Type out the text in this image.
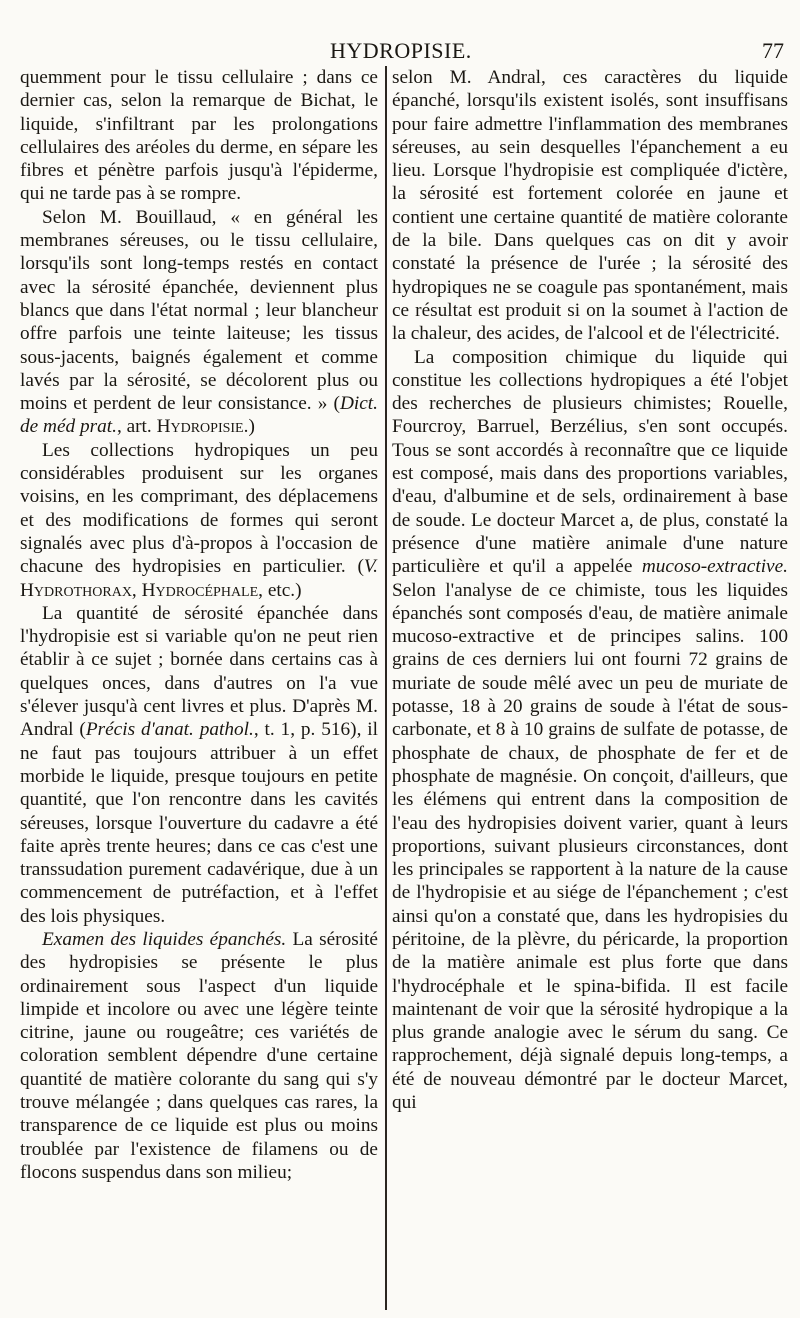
HYDROPISIE.	77

quemment pour le tissu cellulaire ; dans ce dernier cas, selon la remarque de Bichat, le liquide, s'infiltrant par les prolongations cellulaires des aréoles du derme, en sépare les fibres et pénètre parfois jusqu'à l'épiderme, qui ne tarde pas à se rompre.

Selon M. Bouillaud, « en général les membranes séreuses, ou le tissu cellulaire, lorsqu'ils sont long-temps restés en contact avec la sérosité épanchée, deviennent plus blancs que dans l'état normal ; leur blancheur offre parfois une teinte laiteuse; les tissus sous-jacents, baignés également et comme lavés par la sérosité, se décolorent plus ou moins et perdent de leur consistance. » (Dict. de méd prat., art. Hydropisie.)

Les collections hydropiques un peu considérables produisent sur les organes voisins, en les comprimant, des déplacemens et des modifications de formes qui seront signalés avec plus d'à-propos à l'occasion de chacune des hydropisies en particulier. (V. Hydrothorax, Hydrocéphale, etc.)

La quantité de sérosité épanchée dans l'hydropisie est si variable qu'on ne peut rien établir à ce sujet ; bornée dans certains cas à quelques onces, dans d'autres on l'a vue s'élever jusqu'à cent livres et plus. D'après M. Andral (Précis d'anat. pathol., t. 1, p. 516), il ne faut pas toujours attribuer à un effet morbide le liquide, presque toujours en petite quantité, que l'on rencontre dans les cavités séreuses, lorsque l'ouverture du cadavre a été faite après trente heures; dans ce cas c'est une transsudation purement cadavérique, due à un commencement de putréfaction, et à l'effet des lois physiques.

Examen des liquides épanchés. La sérosité des hydropisies se présente le plus ordinairement sous l'aspect d'un liquide limpide et incolore ou avec une légère teinte citrine, jaune ou rougeâtre; ces variétés de coloration semblent dépendre d'une certaine quantité de matière colorante du sang qui s'y trouve mélangée ; dans quelques cas rares, la transparence de ce liquide est plus ou moins troublée par l'existence de filamens ou de flocons suspendus dans son milieu;

selon M. Andral, ces caractères du liquide épanché, lorsqu'ils existent isolés, sont insuffisans pour faire admettre l'inflammation des membranes séreuses, au sein desquelles l'épanchement a eu lieu. Lorsque l'hydropisie est compliquée d'ictère, la sérosité est fortement colorée en jaune et contient une certaine quantité de matière colorante de la bile. Dans quelques cas on dit y avoir constaté la présence de l'urée ; la sérosité des hydropiques ne se coagule pas spontanément, mais ce résultat est produit si on la soumet à l'action de la chaleur, des acides, de l'alcool et de l'électricité.

La composition chimique du liquide qui constitue les collections hydropiques a été l'objet des recherches de plusieurs chimistes; Rouelle, Fourcroy, Barruel, Berzélius, s'en sont occupés. Tous se sont accordés à reconnaître que ce liquide est composé, mais dans des proportions variables, d'eau, d'albumine et de sels, ordinairement à base de soude. Le docteur Marcet a, de plus, constaté la présence d'une matière animale d'une nature particulière et qu'il a appelée mucoso-extractive. Selon l'analyse de ce chimiste, tous les liquides épanchés sont composés d'eau, de matière animale mucoso-extractive et de principes salins. 100 grains de ces derniers lui ont fourni 72 grains de muriate de soude mêlé avec un peu de muriate de potasse, 18 à 20 grains de soude à l'état de sous-carbonate, et 8 à 10 grains de sulfate de potasse, de phosphate de chaux, de phosphate de fer et de phosphate de magnésie. On conçoit, d'ailleurs, que les élémens qui entrent dans la composition de l'eau des hydropisies doivent varier, quant à leurs proportions, suivant plusieurs circonstances, dont les principales se rapportent à la nature de la cause de l'hydropisie et au siége de l'épanchement ; c'est ainsi qu'on a constaté que, dans les hydropisies du péritoine, de la plèvre, du péricarde, la proportion de la matière animale est plus forte que dans l'hydrocéphale et le spina-bifida. Il est facile maintenant de voir que la sérosité hydropique a la plus grande analogie avec le sérum du sang. Ce rapprochement, déjà signalé depuis long-temps, a été de nouveau démontré par le docteur Marcet, qui
